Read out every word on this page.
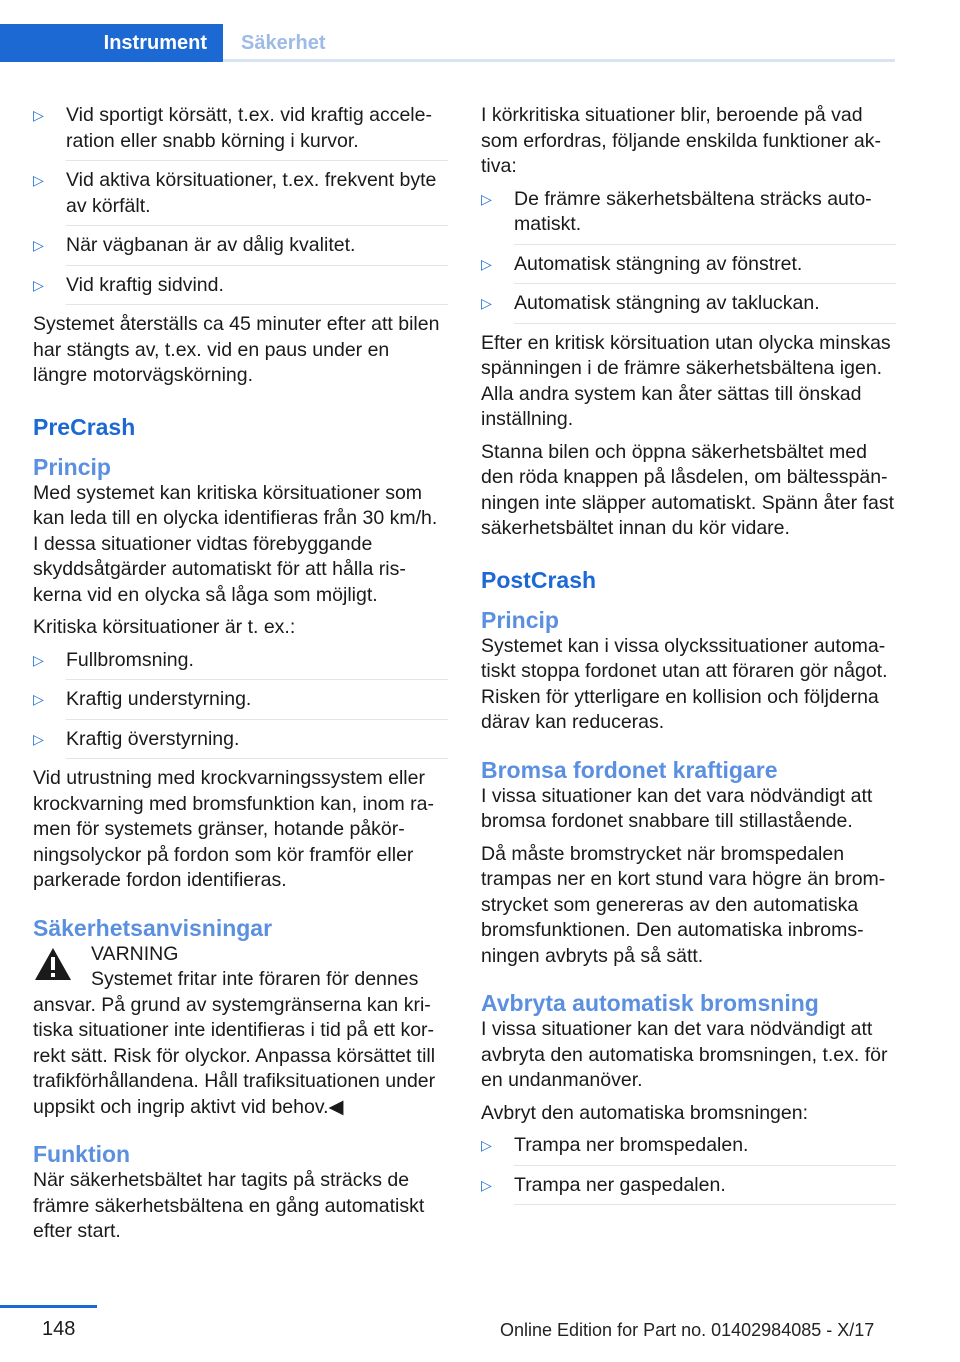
Instrument	Säkerhet
▷ Vid sportigt körsätt, t.ex. vid kraftig acceleration eller snabb körning i kurvor.
▷ Vid aktiva körsituationer, t.ex. frekvent byte av körfält.
▷ När vägbanan är av dålig kvalitet.
▷ Vid kraftig sidvind.

Systemet återställs ca 45 minuter efter att bilen har stängts av, t.ex. vid en paus under en längre motorvägskörning.

PreCrash
Princip

Med systemet kan kritiska körsituationer som kan leda till en olycka identifieras från 30 km/h. I dessa situationer vidtas förebyggande skyddsåtgärder automatiskt för att hålla riskerna vid en olycka så låga som möjligt.

Kritiska körsituationer är t. ex.:

▷ Fullbromsning.
▷ Kraftig understyrning.
▷ Kraftig överstyrning.

Vid utrustning med krockvarningssystem eller krockvarning med bromsfunktion kan, inom ramen för systemets gränser, hotande påkörningsolyckor på fordon som kör framför eller parkerade fordon identifieras.

Säkerhetsanvisningar

VARNING

Systemet fritar inte föraren för dennes

ansvar. På grund av systemgränserna kan kritiska situationer inte identifieras i tid på ett korrekt sätt. Risk för olyckor. Anpassa körsättet till trafikförhållandena. Håll trafiksituationen under uppsikt och ingrip aktivt vid behov.◀

Funktion

När säkerhetsbältet har tagits på sträcks de främre säkerhetsbältena en gång automatiskt efter start.

I körkritiska situationer blir, beroende på vad som erfordras, följande enskilda funktioner aktiva:

▷ De främre säkerhetsbältena sträcks automatiskt.
▷ Automatisk stängning av fönstret.
▷ Automatisk stängning av takluckan.

Efter en kritisk körsituation utan olycka minskas spänningen i de främre säkerhetsbältena igen. Alla andra system kan åter sättas till önskad inställning.

Stanna bilen och öppna säkerhetsbältet med den röda knappen på låsdelen, om bältesspänningen inte släpper automatiskt. Spänn åter fast säkerhetsbältet innan du kör vidare.

PostCrash
Princip

Systemet kan i vissa olyckssituationer automatiskt stoppa fordonet utan att föraren gör något. Risken för ytterligare en kollision och följderna därav kan reduceras.

Bromsa fordonet kraftigare

I vissa situationer kan det vara nödvändigt att bromsa fordonet snabbare till stillastående.

Då måste bromstrycket när bromspedalen trampas ner en kort stund vara högre än bromstrycket som genereras av den automatiska bromsfunktionen. Den automatiska inbromsningen avbryts på så sätt.

Avbryta automatisk bromsning

I vissa situationer kan det vara nödvändigt att avbryta den automatiska bromsningen, t.ex. för en undanmanöver.

Avbryt den automatiska bromsningen:

▷ Trampa ner bromspedalen.
▷ Trampa ner gaspedalen.
148	Online Edition for Part no. 01402984085 - X/17
